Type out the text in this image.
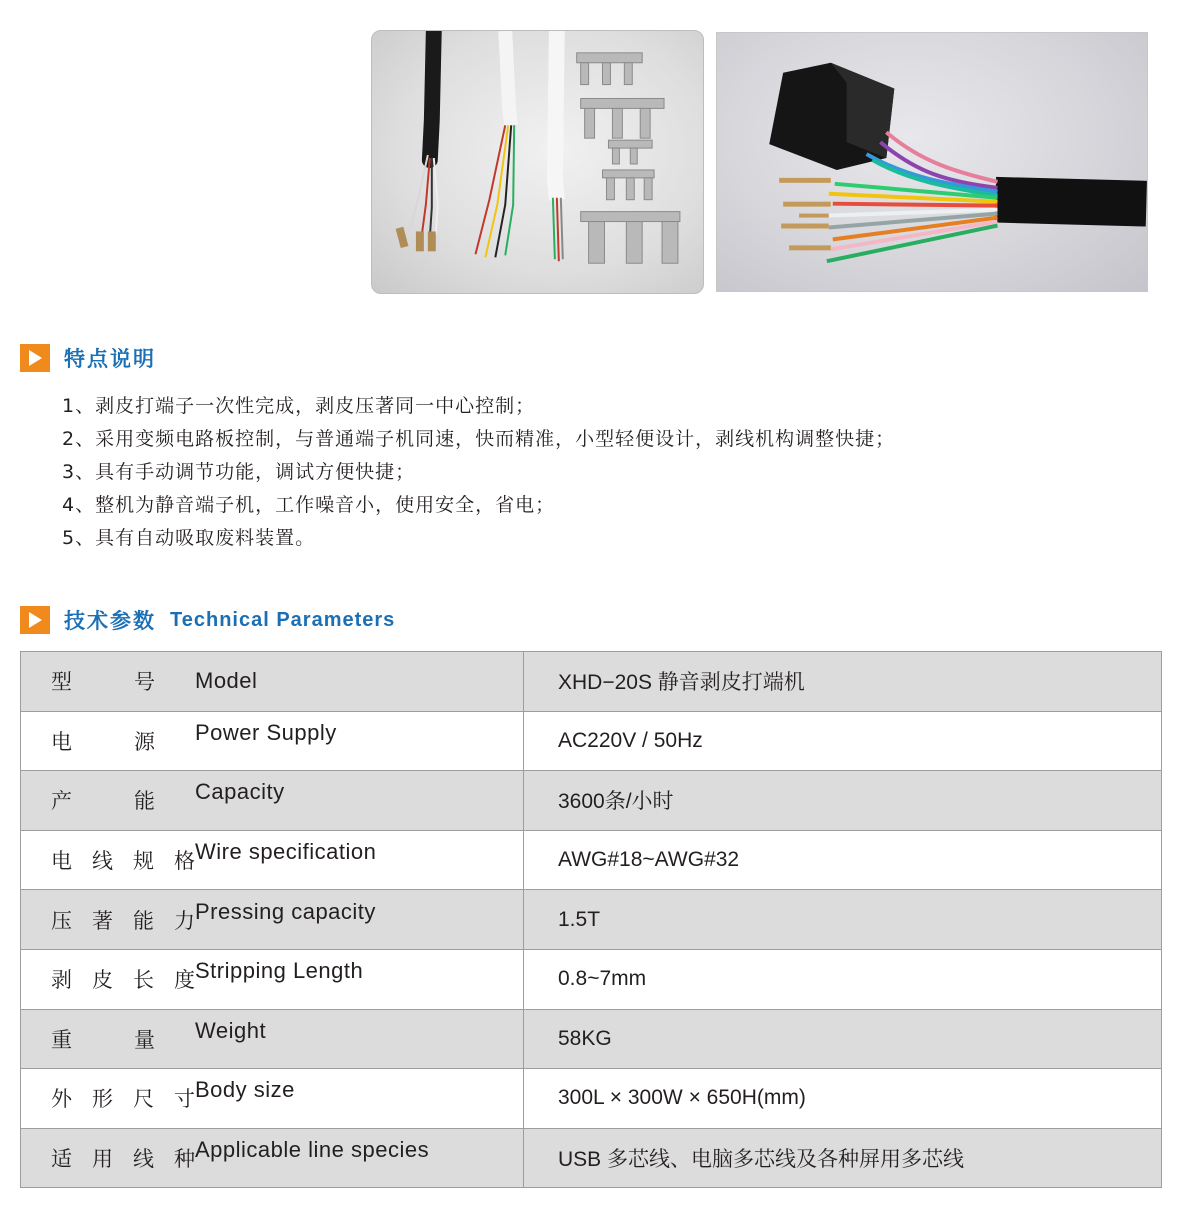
特点说明
1、剥皮打端子一次性完成，剥皮压著同一中心控制；
2、采用变频电路板控制，与普通端子机同速，快而精准，小型轻便设计，剥线机构调整快捷；
3、具有手动调节功能，调试方便快捷；
4、整机为静音端子机，工作噪音小，使用安全，省电；
5、具有自动吸取废料装置。
技术参数 Technical Parameters
型　号 Model	XHD−20S 静音剥皮打端机

电　源 Power Supply	AC220V / 50Hz

产　能 Capacity	3600条/小时

电线规格 Wire specification	AWG#18~AWG#32

压著能力 Pressing capacity	1.5T

剥皮长度 Stripping Length	0.8~7mm

重　量 Weight	58KG

外形尺寸 Body size	300L × 300W × 650H(mm)

适用线种 Applicable line species	USB 多芯线、电脑多芯线及各种屏用多芯线
